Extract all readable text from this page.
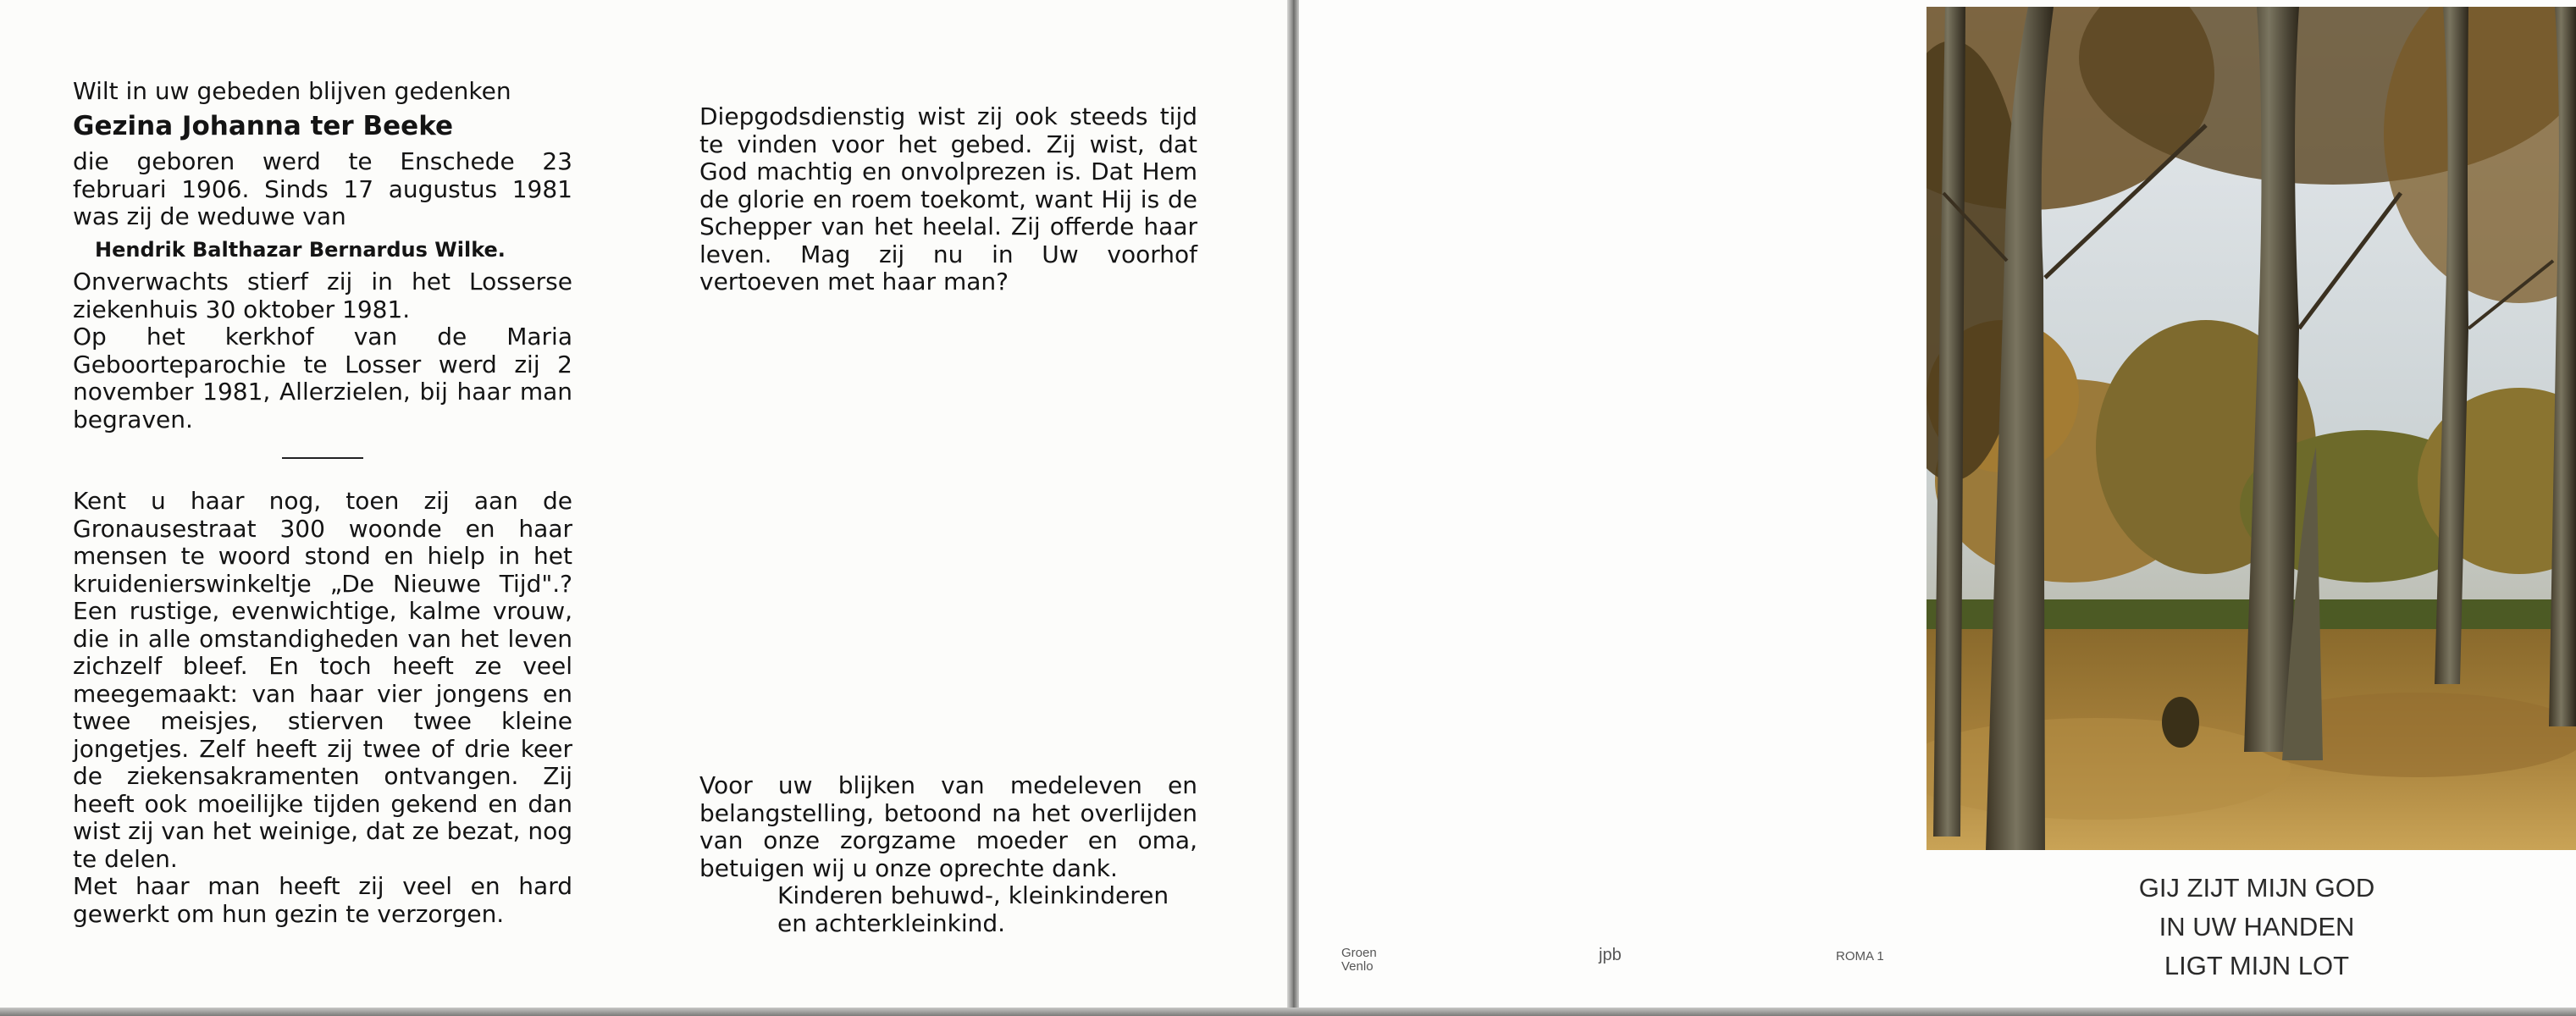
Wilt in uw gebeden blijven gedenken

Gezina Johanna ter Beeke

die geboren werd te Enschede 23 februari 1906. Sinds 17 augustus 1981 was zij de weduwe van

Hendrik Balthazar Bernardus Wilke.

Onverwachts stierf zij in het Losserse ziekenhuis 30 oktober 1981.

Op het kerkhof van de Maria Geboorteparochie te Losser werd zij 2 november 1981, Allerzielen, bij haar man begraven.

Kent u haar nog, toen zij aan de Gronausestraat 300 woonde en haar mensen te woord stond en hielp in het kruidenierswinkeltje „De Nieuwe Tijd".? Een rustige, evenwichtige, kalme vrouw, die in alle omstandigheden van het leven zichzelf bleef. En toch heeft ze veel meegemaakt: van haar vier jongens en twee meisjes, stierven twee kleine jongetjes. Zelf heeft zij twee of drie keer de ziekensakramenten ontvangen. Zij heeft ook moeilijke tijden gekend en dan wist zij van het weinige, dat ze bezat, nog te delen.

Met haar man heeft zij veel en hard gewerkt om hun gezin te verzorgen.

Diepgodsdienstig wist zij ook steeds tijd te vinden voor het gebed. Zij wist, dat God machtig en onvolprezen is. Dat Hem de glorie en roem toekomt, want Hij is de Schepper van het heelal. Zij offerde haar leven. Mag zij nu in Uw voorhof vertoeven met haar man?

Voor uw blijken van medeleven en belangstelling, betoond na het overlijden van onze zorgzame moeder en oma, betuigen wij u onze oprechte dank.

Kinderen behuwd-, kleinkinderen

en achterkleinkind.

GIJ ZIJT MIJN GOD
IN UW HANDEN
LIGT MIJN LOT
Groen
Venlo
jpb	ROMA 1
